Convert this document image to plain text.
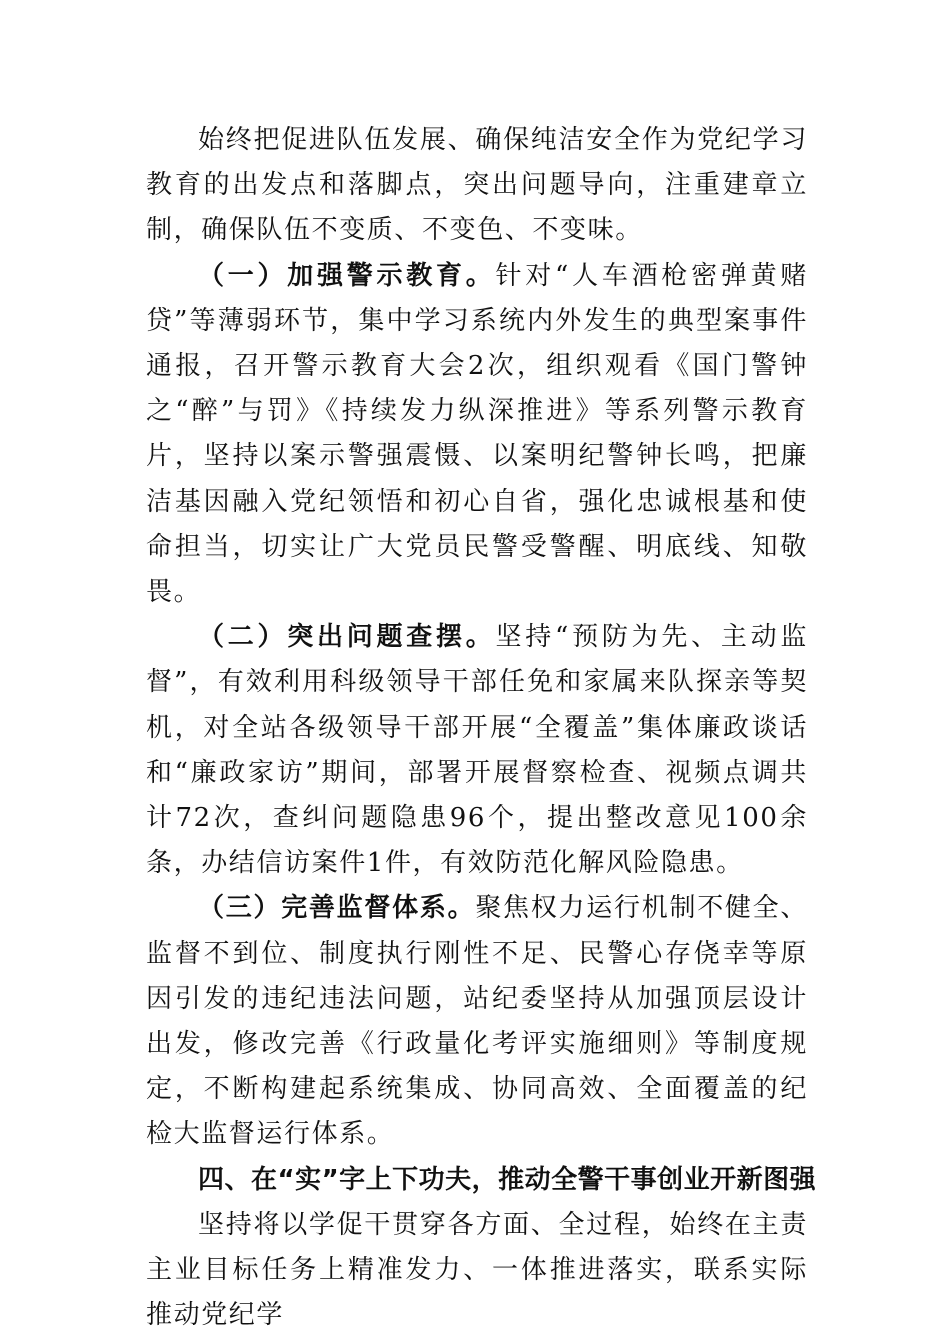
始终把促进队伍发展、确保纯洁安全作为党纪学习教育的出发点和落脚点，突出问题导向，注重建章立制，确保队伍不变质、不变色、不变味。

（一）加强警示教育。针对“人车酒枪密弹黄赌贷”等薄弱环节，集中学习系统内外发生的典型案事件通报，召开警示教育大会2次，组织观看《国门警钟之“醉”与罚》《持续发力纵深推进》等系列警示教育片，坚持以案示警强震慑、以案明纪警钟长鸣，把廉洁基因融入党纪领悟和初心自省，强化忠诚根基和使命担当，切实让广大党员民警受警醒、明底线、知敬畏。

（二）突出问题查摆。坚持“预防为先、主动监督”，有效利用科级领导干部任免和家属来队探亲等契机，对全站各级领导干部开展“全覆盖”集体廉政谈话和“廉政家访”期间，部署开展督察检查、视频点调共计72次，查纠问题隐患96个，提出整改意见100余条，办结信访案件1件，有效防范化解风险隐患。

（三）完善监督体系。聚焦权力运行机制不健全、监督不到位、制度执行刚性不足、民警心存侥幸等原因引发的违纪违法问题，站纪委坚持从加强顶层设计出发，修改完善《行政量化考评实施细则》等制度规定，不断构建起系统集成、协同高效、全面覆盖的纪检大监督运行体系。

四、在“实”字上下功夫，推动全警干事创业开新图强

坚持将以学促干贯穿各方面、全过程，始终在主责主业目标任务上精准发力、一体推进落实，联系实际推动党纪学
